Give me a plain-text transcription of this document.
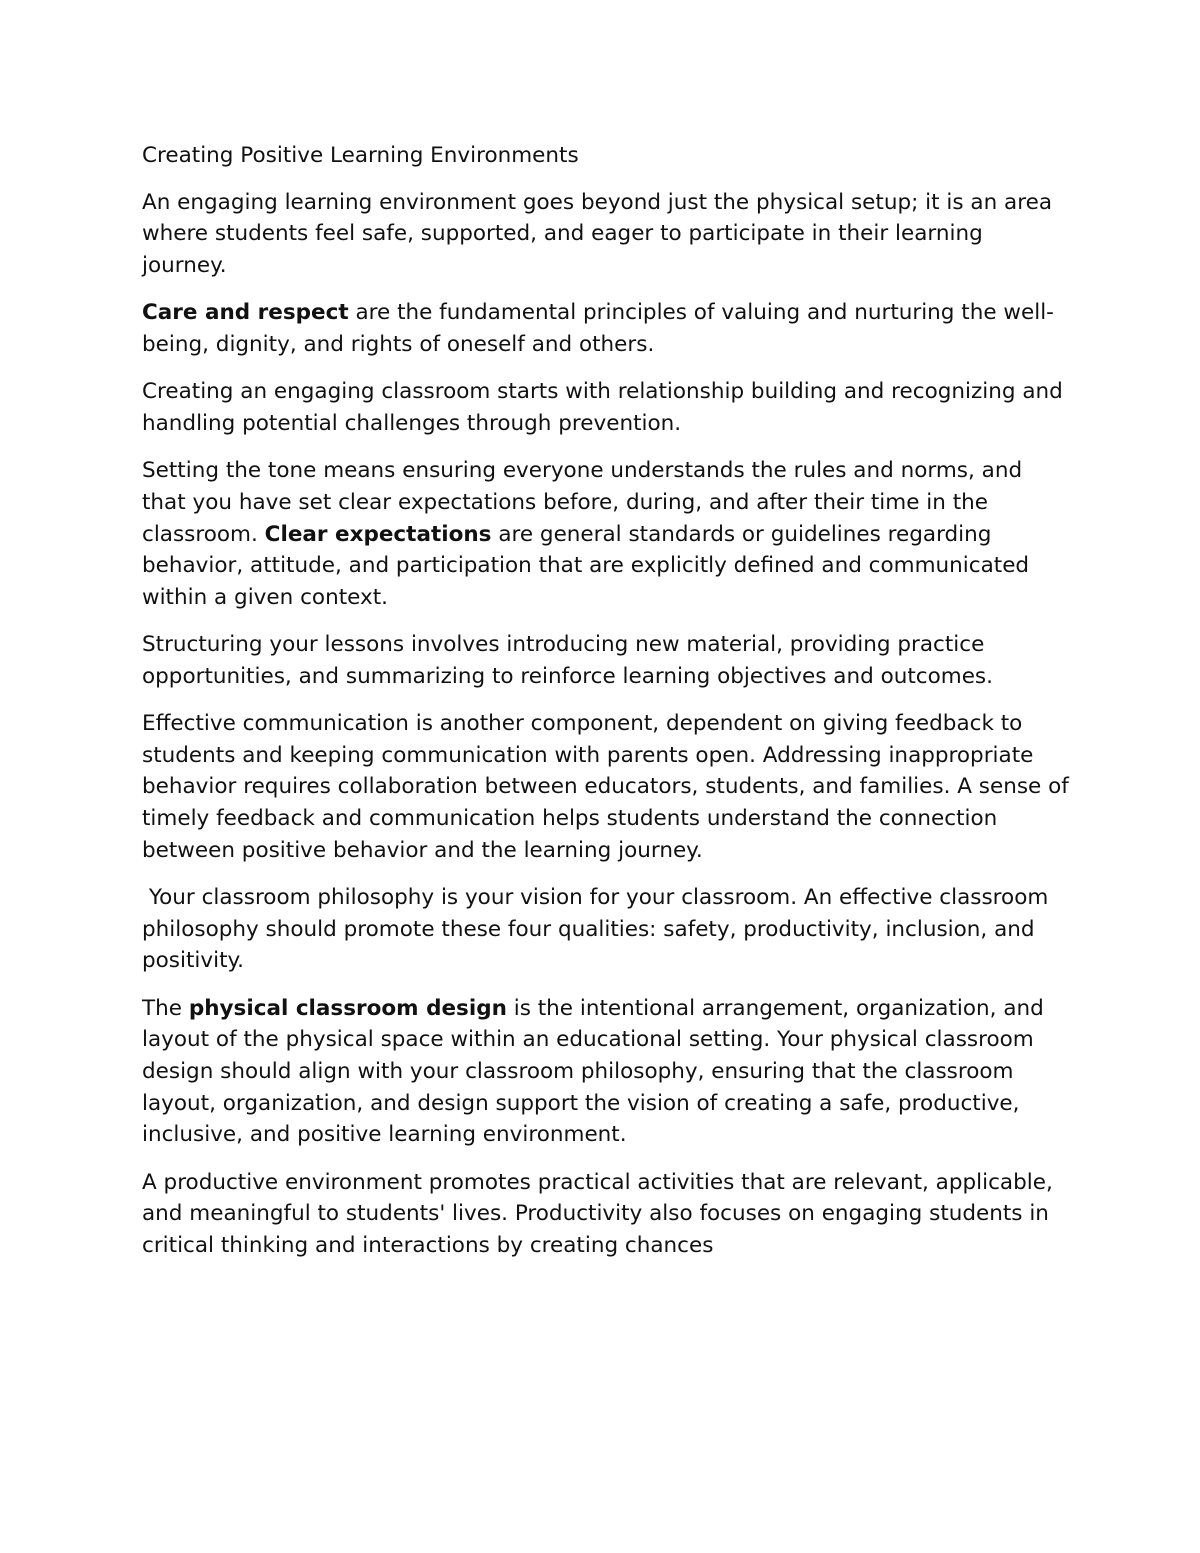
Creating Positive Learning Environments

An engaging learning environment goes beyond just the physical setup; it is an area where students feel safe, supported, and eager to participate in their learning journey.

Care and respect are the fundamental principles of valuing and nurturing the well-being, dignity, and rights of oneself and others.

Creating an engaging classroom starts with relationship building and recognizing and handling potential challenges through prevention.

Setting the tone means ensuring everyone understands the rules and norms, and that you have set clear expectations before, during, and after their time in the classroom. Clear expectations are general standards or guidelines regarding behavior, attitude, and participation that are explicitly defined and communicated within a given context.

Structuring your lessons involves introducing new material, providing practice opportunities, and summarizing to reinforce learning objectives and outcomes.

Effective communication is another component, dependent on giving feedback to students and keeping communication with parents open. Addressing inappropriate behavior requires collaboration between educators, students, and families. A sense of timely feedback and communication helps students understand the connection between positive behavior and the learning journey.

Your classroom philosophy is your vision for your classroom. An effective classroom philosophy should promote these four qualities: safety, productivity, inclusion, and positivity.

The physical classroom design is the intentional arrangement, organization, and layout of the physical space within an educational setting. Your physical classroom design should align with your classroom philosophy, ensuring that the classroom layout, organization, and design support the vision of creating a safe, productive, inclusive, and positive learning environment.

A productive environment promotes practical activities that are relevant, applicable, and meaningful to students' lives. Productivity also focuses on engaging students in critical thinking and interactions by creating chances
